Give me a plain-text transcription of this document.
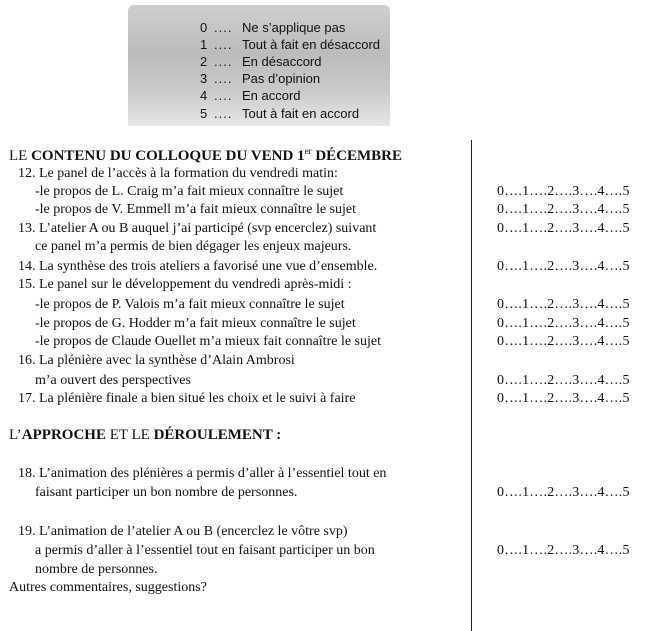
0 .... Ne s’applique pas
1 .... Tout à fait en désaccord
2 .... En désaccord
3 .... Pas d’opinion
4 .... En accord
5 .... Tout à fait en accord
LE CONTENU DU COLLOQUE DU VEND 1er DÉCEMBRE
12. Le panel de l’accès à la formation du vendredi matin:
-le propos de L. Craig m’a fait mieux connaître le sujet	0….1….2….3….4….5
-le propos de V. Emmell m’a fait mieux connaître le sujet	0….1….2….3….4….5
13. L’atelier A ou B auquel j’ai participé (svp encerclez) suivant	0….1….2….3….4….5
ce panel m’a permis de bien dégager les enjeux majeurs.
14. La synthèse des trois ateliers a favorisé une vue d’ensemble.	0….1….2….3….4….5
15. Le panel sur le développement du vendredi après-midi :
-le propos de P. Valois m’a fait mieux connaître le sujet	0….1….2….3….4….5
-le propos de G. Hodder m’a fait mieux connaître le sujet	0….1….2….3….4….5
-le propos de Claude Ouellet m’a mieux fait connaître le sujet	0….1….2….3….4….5
16. La plénière avec la synthèse d’Alain Ambrosi
m’a ouvert des perspectives	0….1….2….3….4….5
17. La plénière finale a bien situé les choix et le suivi à faire	0….1….2….3….4….5
L’APPROCHE ET LE DÉROULEMENT :
18. L’animation des plénières a permis d’aller à l’essentiel tout en
faisant participer un bon nombre de personnes.	0….1….2….3….4….5
19. L’animation de l’atelier A ou B (encerclez le vôtre svp)
a permis d’aller à l’essentiel tout en faisant participer un bon	0….1….2….3….4….5
nombre de personnes.
Autres commentaires, suggestions?
